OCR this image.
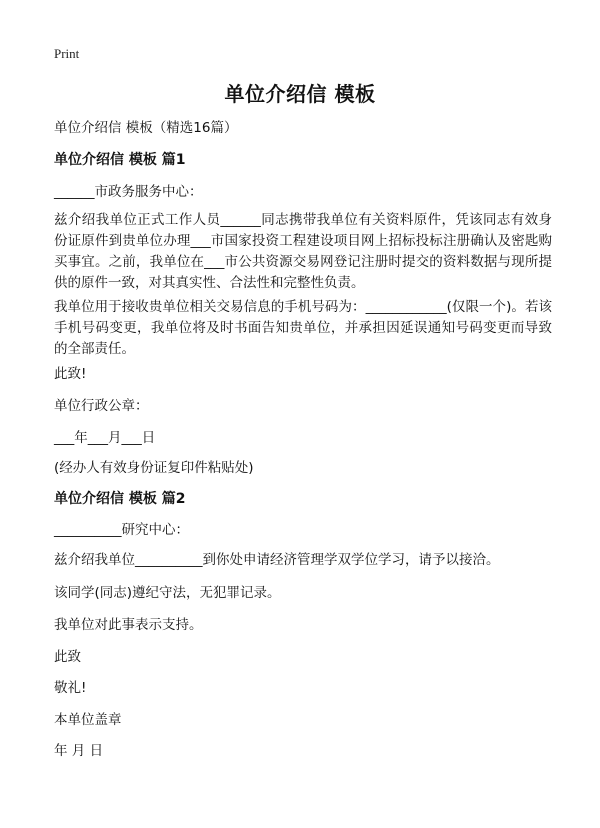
Print
单位介绍信 模板
单位介绍信 模板（精选16篇）
单位介绍信 模板 篇1
______市政务服务中心：
兹介绍我单位正式工作人员______同志携带我单位有关资料原件，凭该同志有效身份证原件到贵单位办理___市国家投资工程建设项目网上招标投标注册确认及密匙购买事宜。之前，我单位在___市公共资源交易网登记注册时提交的资料数据与现所提供的原件一致，对其真实性、合法性和完整性负责。
我单位用于接收贵单位相关交易信息的手机号码为：____________(仅限一个)。若该手机号码变更，我单位将及时书面告知贵单位，并承担因延误通知号码变更而导致的全部责任。
此致!
单位行政公章：
___年___月___日
(经办人有效身份证复印件粘贴处)
单位介绍信 模板 篇2
__________研究中心：
兹介绍我单位__________到你处申请经济管理学双学位学习，请予以接洽。
该同学(同志)遵纪守法，无犯罪记录。
我单位对此事表示支持。
此致
敬礼!
本单位盖章
年 月 日
